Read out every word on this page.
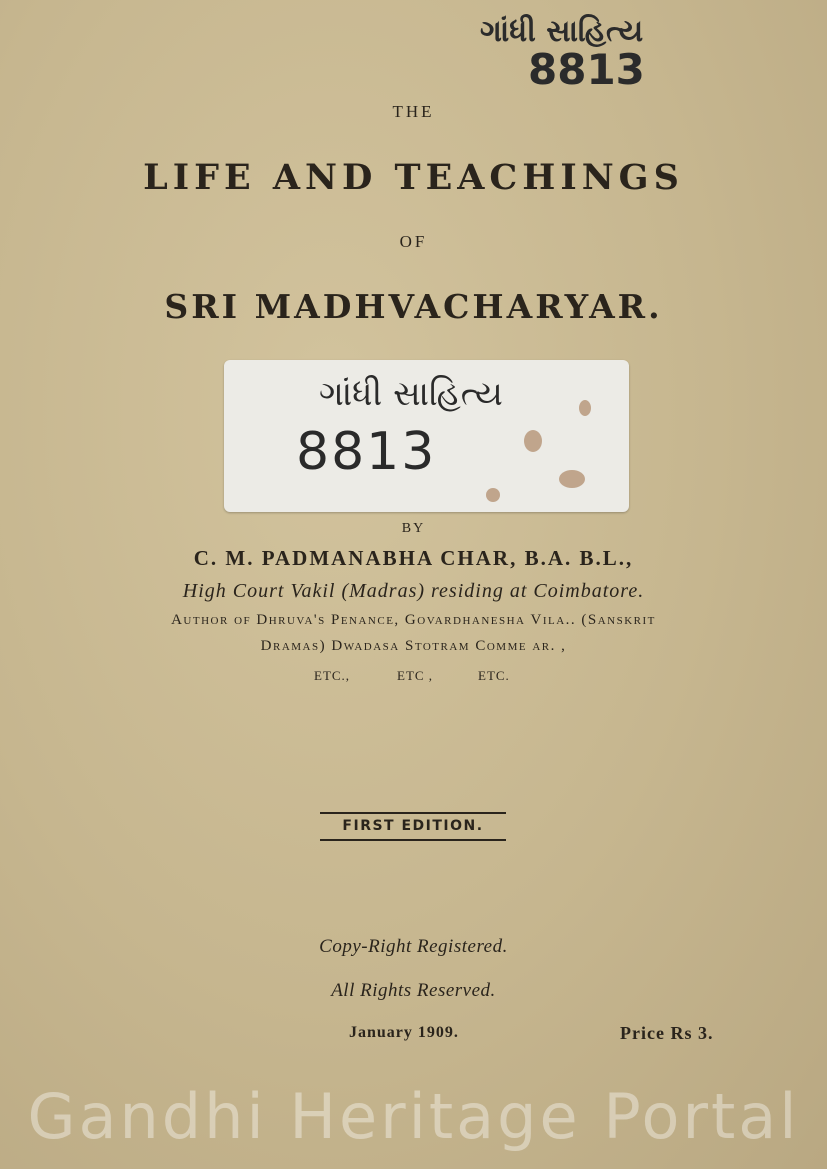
ગાંધી સાહિત્ય
8813
THE
LIFE AND TEACHINGS
OF
SRI MADHVACHARYAR.
ગાંધી સાહિત્ય
8813
BY
C. M. PADMANABHA CHAR, B.A. B.L.,
High Court Vakil (Madras) residing at Coimbatore.
Author of Dhruva's Penance, Govardhanesha Vila.. (Sanskrit
Dramas) Dwadasa Stotram Comme ar. ,
ETC.,	ETC ,	ETC.
FIRST EDITION.
Copy-Right Registered.
All Rights Reserved.
January 1909.	Price Rs 3.
Gandhi Heritage Portal
